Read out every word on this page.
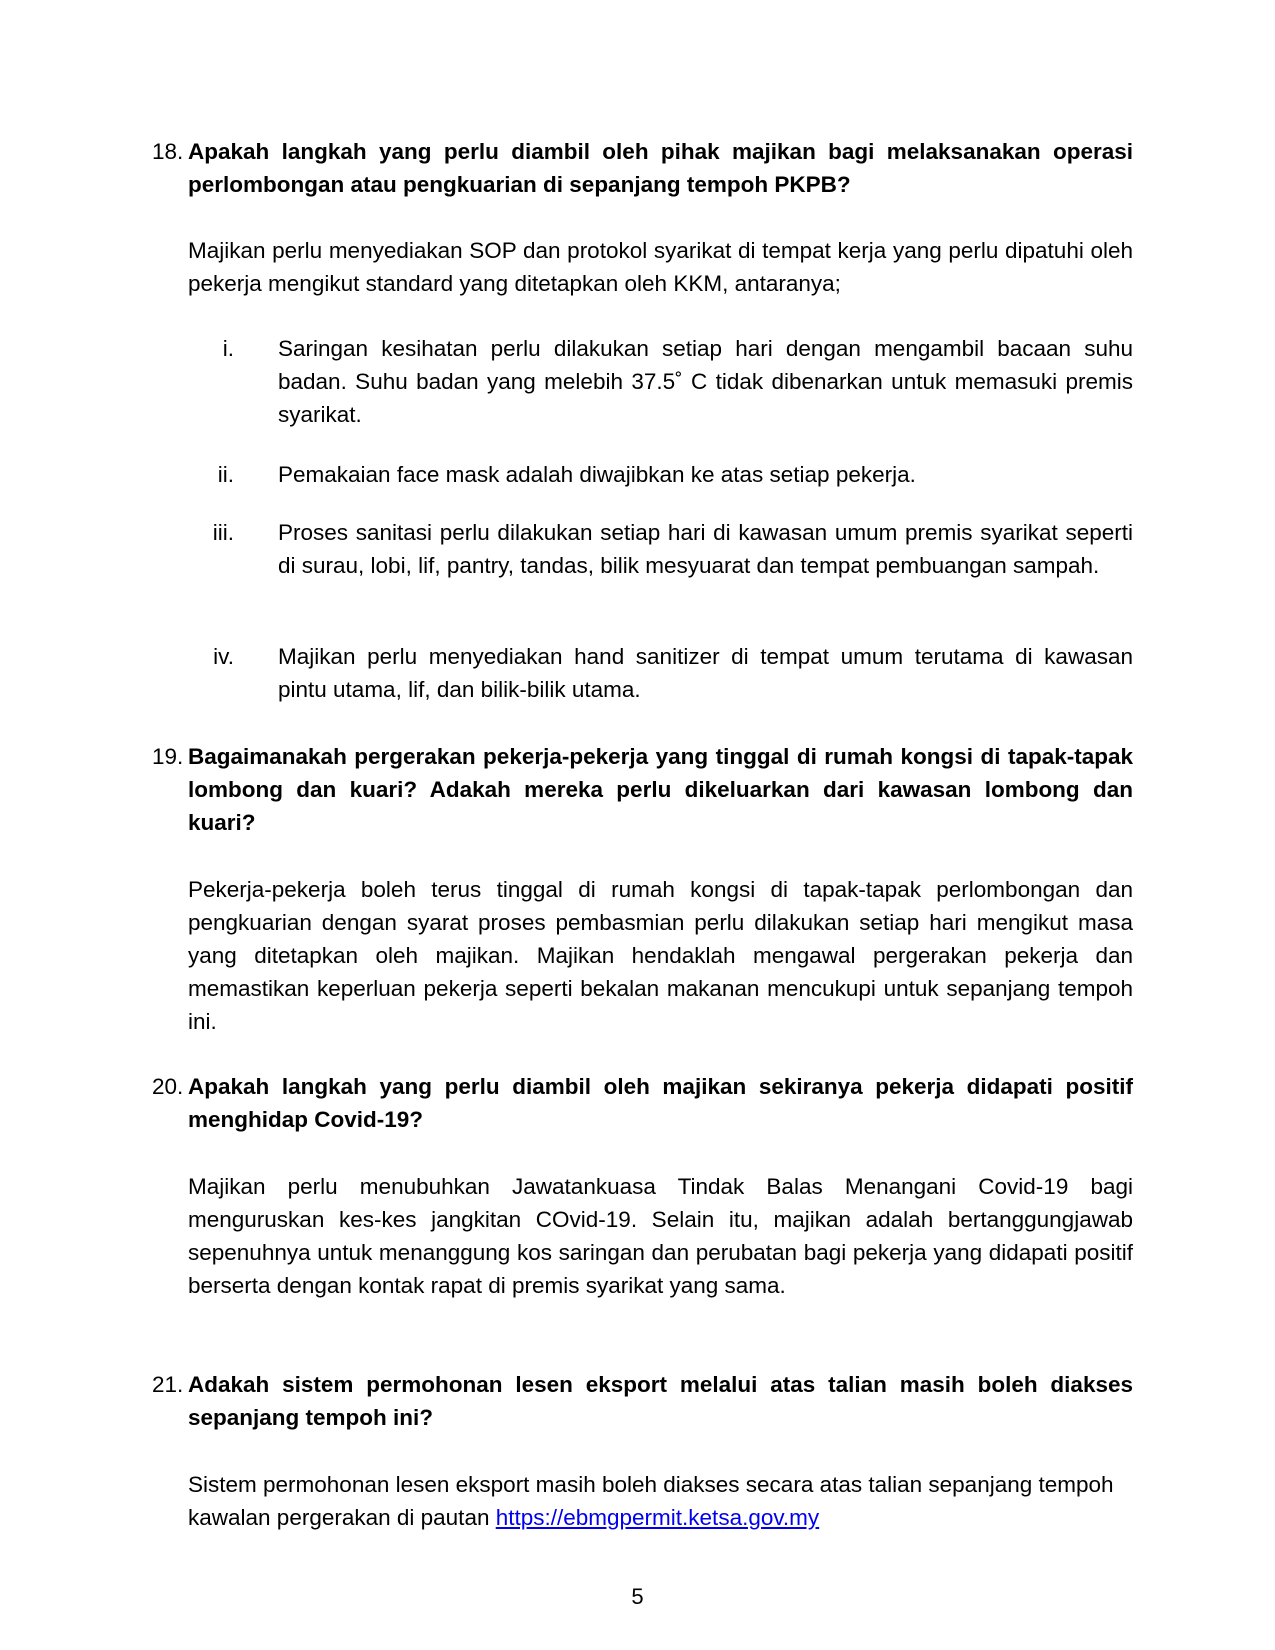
18. Apakah langkah yang perlu diambil oleh pihak majikan bagi melaksanakan operasi perlombongan atau pengkuarian di sepanjang tempoh PKPB?
Majikan perlu menyediakan SOP dan protokol syarikat di tempat kerja yang perlu dipatuhi oleh pekerja mengikut standard yang ditetapkan oleh KKM, antaranya;
i.	Saringan kesihatan perlu dilakukan setiap hari dengan mengambil bacaan suhu badan. Suhu badan yang melebih 37.5˚ C tidak dibenarkan untuk memasuki premis syarikat.
ii.	Pemakaian face mask adalah diwajibkan ke atas setiap pekerja.
iii.	Proses sanitasi perlu dilakukan setiap hari di kawasan umum premis syarikat seperti di surau, lobi, lif, pantry, tandas, bilik mesyuarat dan tempat pembuangan sampah.
iv.	Majikan perlu menyediakan hand sanitizer di tempat umum terutama di kawasan pintu utama, lif, dan bilik-bilik utama.
19. Bagaimanakah pergerakan pekerja-pekerja yang tinggal di rumah kongsi di tapak-tapak lombong dan kuari? Adakah mereka perlu dikeluarkan dari kawasan lombong dan kuari?
Pekerja-pekerja boleh terus tinggal di rumah kongsi di tapak-tapak perlombongan dan pengkuarian dengan syarat proses pembasmian perlu dilakukan setiap hari mengikut masa yang ditetapkan oleh majikan. Majikan hendaklah mengawal pergerakan pekerja dan memastikan keperluan pekerja seperti bekalan makanan mencukupi untuk sepanjang tempoh ini.
20. Apakah langkah yang perlu diambil oleh majikan sekiranya pekerja didapati positif menghidap Covid-19?
Majikan perlu menubuhkan Jawatankuasa Tindak Balas Menangani Covid-19 bagi menguruskan kes-kes jangkitan COvid-19. Selain itu, majikan adalah bertanggungjawab sepenuhnya untuk menanggung kos saringan dan perubatan bagi pekerja yang didapati positif berserta dengan kontak rapat di premis syarikat yang sama.
21. Adakah sistem permohonan lesen eksport melalui atas talian masih boleh diakses sepanjang tempoh ini?
Sistem permohonan lesen eksport masih boleh diakses secara atas talian sepanjang tempoh kawalan pergerakan di pautan https://ebmgpermit.ketsa.gov.my
5
